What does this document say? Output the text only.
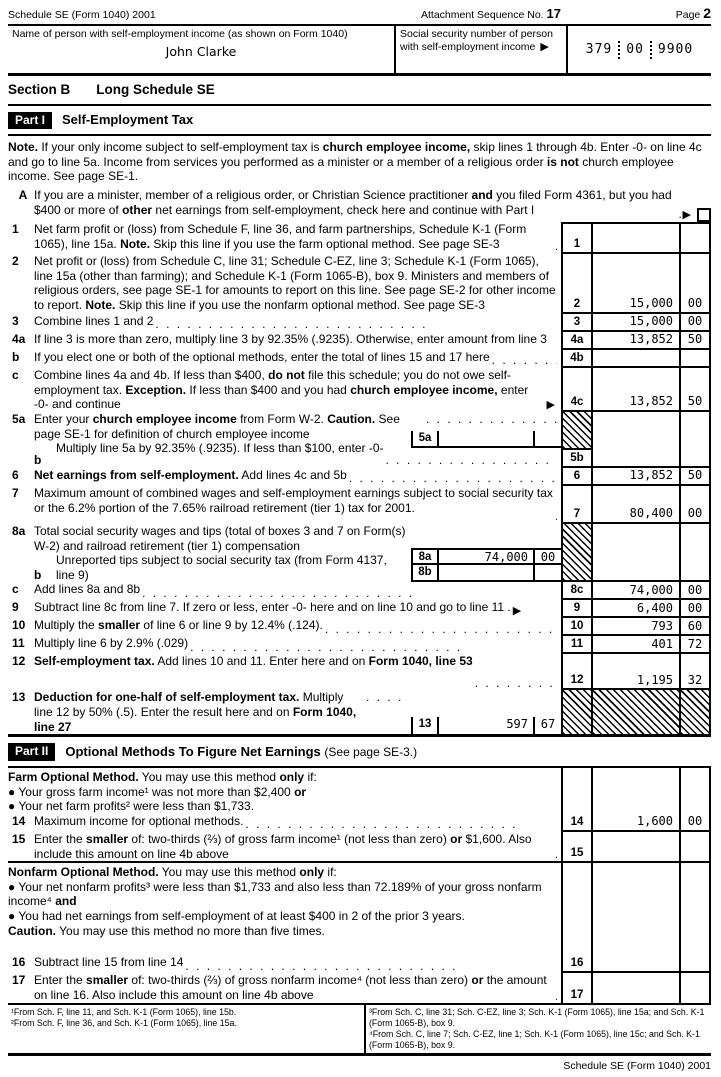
Schedule SE (Form 1040) 2001	Attachment Sequence No. 17	Page 2
Name of person with self-employment income (as shown on Form 1040)
John Clarke
Social security number of person with self-employment income ▶	379 00 9900
Section B Long Schedule SE
Part I	Self-Employment Tax

Note. If your only income subject to self-employment tax is church employee income, skip lines 1 through 4b. Enter -0- on line 4c and go to line 5a. Income from services you performed as a minister or a member of a religious order is not church employee income. See page SE-1.

A If you are a minister, member of a religious order, or Christian Science practitioner and you filed Form 4361, but you had $400 or more of other net earnings from self-employment, check here and continue with Part I . .	▶
1	Net farm profit or (loss) from Schedule F, line 36, and farm partnerships, Schedule K-1 (Form 1065), line 15a. Note. Skip this line if you use the farm optional method. See page SE-3 . .	1
2	Net profit or (loss) from Schedule C, line 31; Schedule C-EZ, line 3; Schedule K-1 (Form 1065), line 15a (other than farming); and Schedule K-1 (Form 1065-B), box 9. Ministers and members of religious orders, see page SE-1 for amounts to report on this line. See page SE-2 for other income to report. Note. Skip this line if you use the nonfarm optional method. See page SE-3	2	15,000	00
3	Combine lines 1 and 2 . .	3	15,000	00
4a If line 3 is more than zero, multiply line 3 by 92.35% (.9235). Otherwise, enter amount from line 3	4a	13,852	50
b	If you elect one or both of the optional methods, enter the total of lines 15 and 17 here . .	4b
c	Combine lines 4a and 4b. If less than $400, do not file this schedule; you do not owe self-employment tax. Exception. If less than $400 and you had church employee income, enter -0- and continue	▶	4c	13,852	50
5a Enter your church employee income from Form W-2. Caution. See page SE-1 for definition of church employee income
. .
b
Multiply line 5a by 92.35% (.9235). If less than $100, enter -0-
. .
5a
5b
6	Net earnings from self-employment. Add lines 4c and 5b . .	6	13,852	50
7	Maximum amount of combined wages and self-employment earnings subject to social security tax or the 6.2% portion of the 7.65% railroad retirement (tier 1) tax for 2001. . .	7	80,400	00
8a Total social security wages and tips (total of boxes 3 and 7 on Form(s) W-2) and railroad retirement (tier 1) compensation
b
Unreported tips subject to social security tax (from Form 4137, line 9)
8a	74,000	00
8b
c	Add lines 8a and 8b . .	8c	74,000	00
9	Subtract line 8c from line 7. If zero or less, enter -0- here and on line 10 and go to line 11 . ▶	9	6,400	00
10 Multiply the smaller of line 6 or line 9 by 12.4% (.124). . .	10	793	60
11 Multiply line 6 by 2.9% (.029) . .	11	401	72
12 Self-employment tax. Add lines 10 and 11. Enter here and on Form 1040, line 53
. .
12	1,195	32
13 Deduction for one-half of self-employment tax. Multiply line 12 by 50% (.5). Enter the result here and on Form 1040, line 27
. .	13	597	67
Part II	Optional Methods To Figure Net Earnings (See page SE-3.)

Farm Optional Method. You may use this method only if:

● Your gross farm income¹ was not more than $2,400 or

● Your net farm profits² were less than $1,733.

14 Maximum income for optional methods. . .	14	1,600	00
15 Enter the smaller of: two-thirds (⅔) of gross farm income¹ (not less than zero) or $1,600. Also include this amount on line 4b above . .	15

Nonfarm Optional Method. You may use this method only if:

● Your net nonfarm profits³ were less than $1,733 and also less than 72.189% of your gross nonfarm income⁴ and

● You had net earnings from self-employment of at least $400 in 2 of the prior 3 years.

Caution. You may use this method no more than five times.

16 Subtract line 15 from line 14 . .	16
17 Enter the smaller of: two-thirds (⅔) of gross nonfarm income⁴ (not less than zero) or the amount on line 16. Also include this amount on line 4b above . .	17
¹From Sch. F, line 11, and Sch. K-1 (Form 1065), line 15b.
²From Sch. F, line 36, and Sch. K-1 (Form 1065), line 15a.
³From Sch. C, line 31; Sch. C-EZ, line 3; Sch. K-1 (Form 1065), line 15a; and Sch. K-1 (Form 1065-B), box 9.
⁴From Sch. C, line 7; Sch. C-EZ, line 1; Sch. K-1 (Form 1065), line 15c; and Sch. K-1 (Form 1065-B), box 9.
Schedule SE (Form 1040) 2001
